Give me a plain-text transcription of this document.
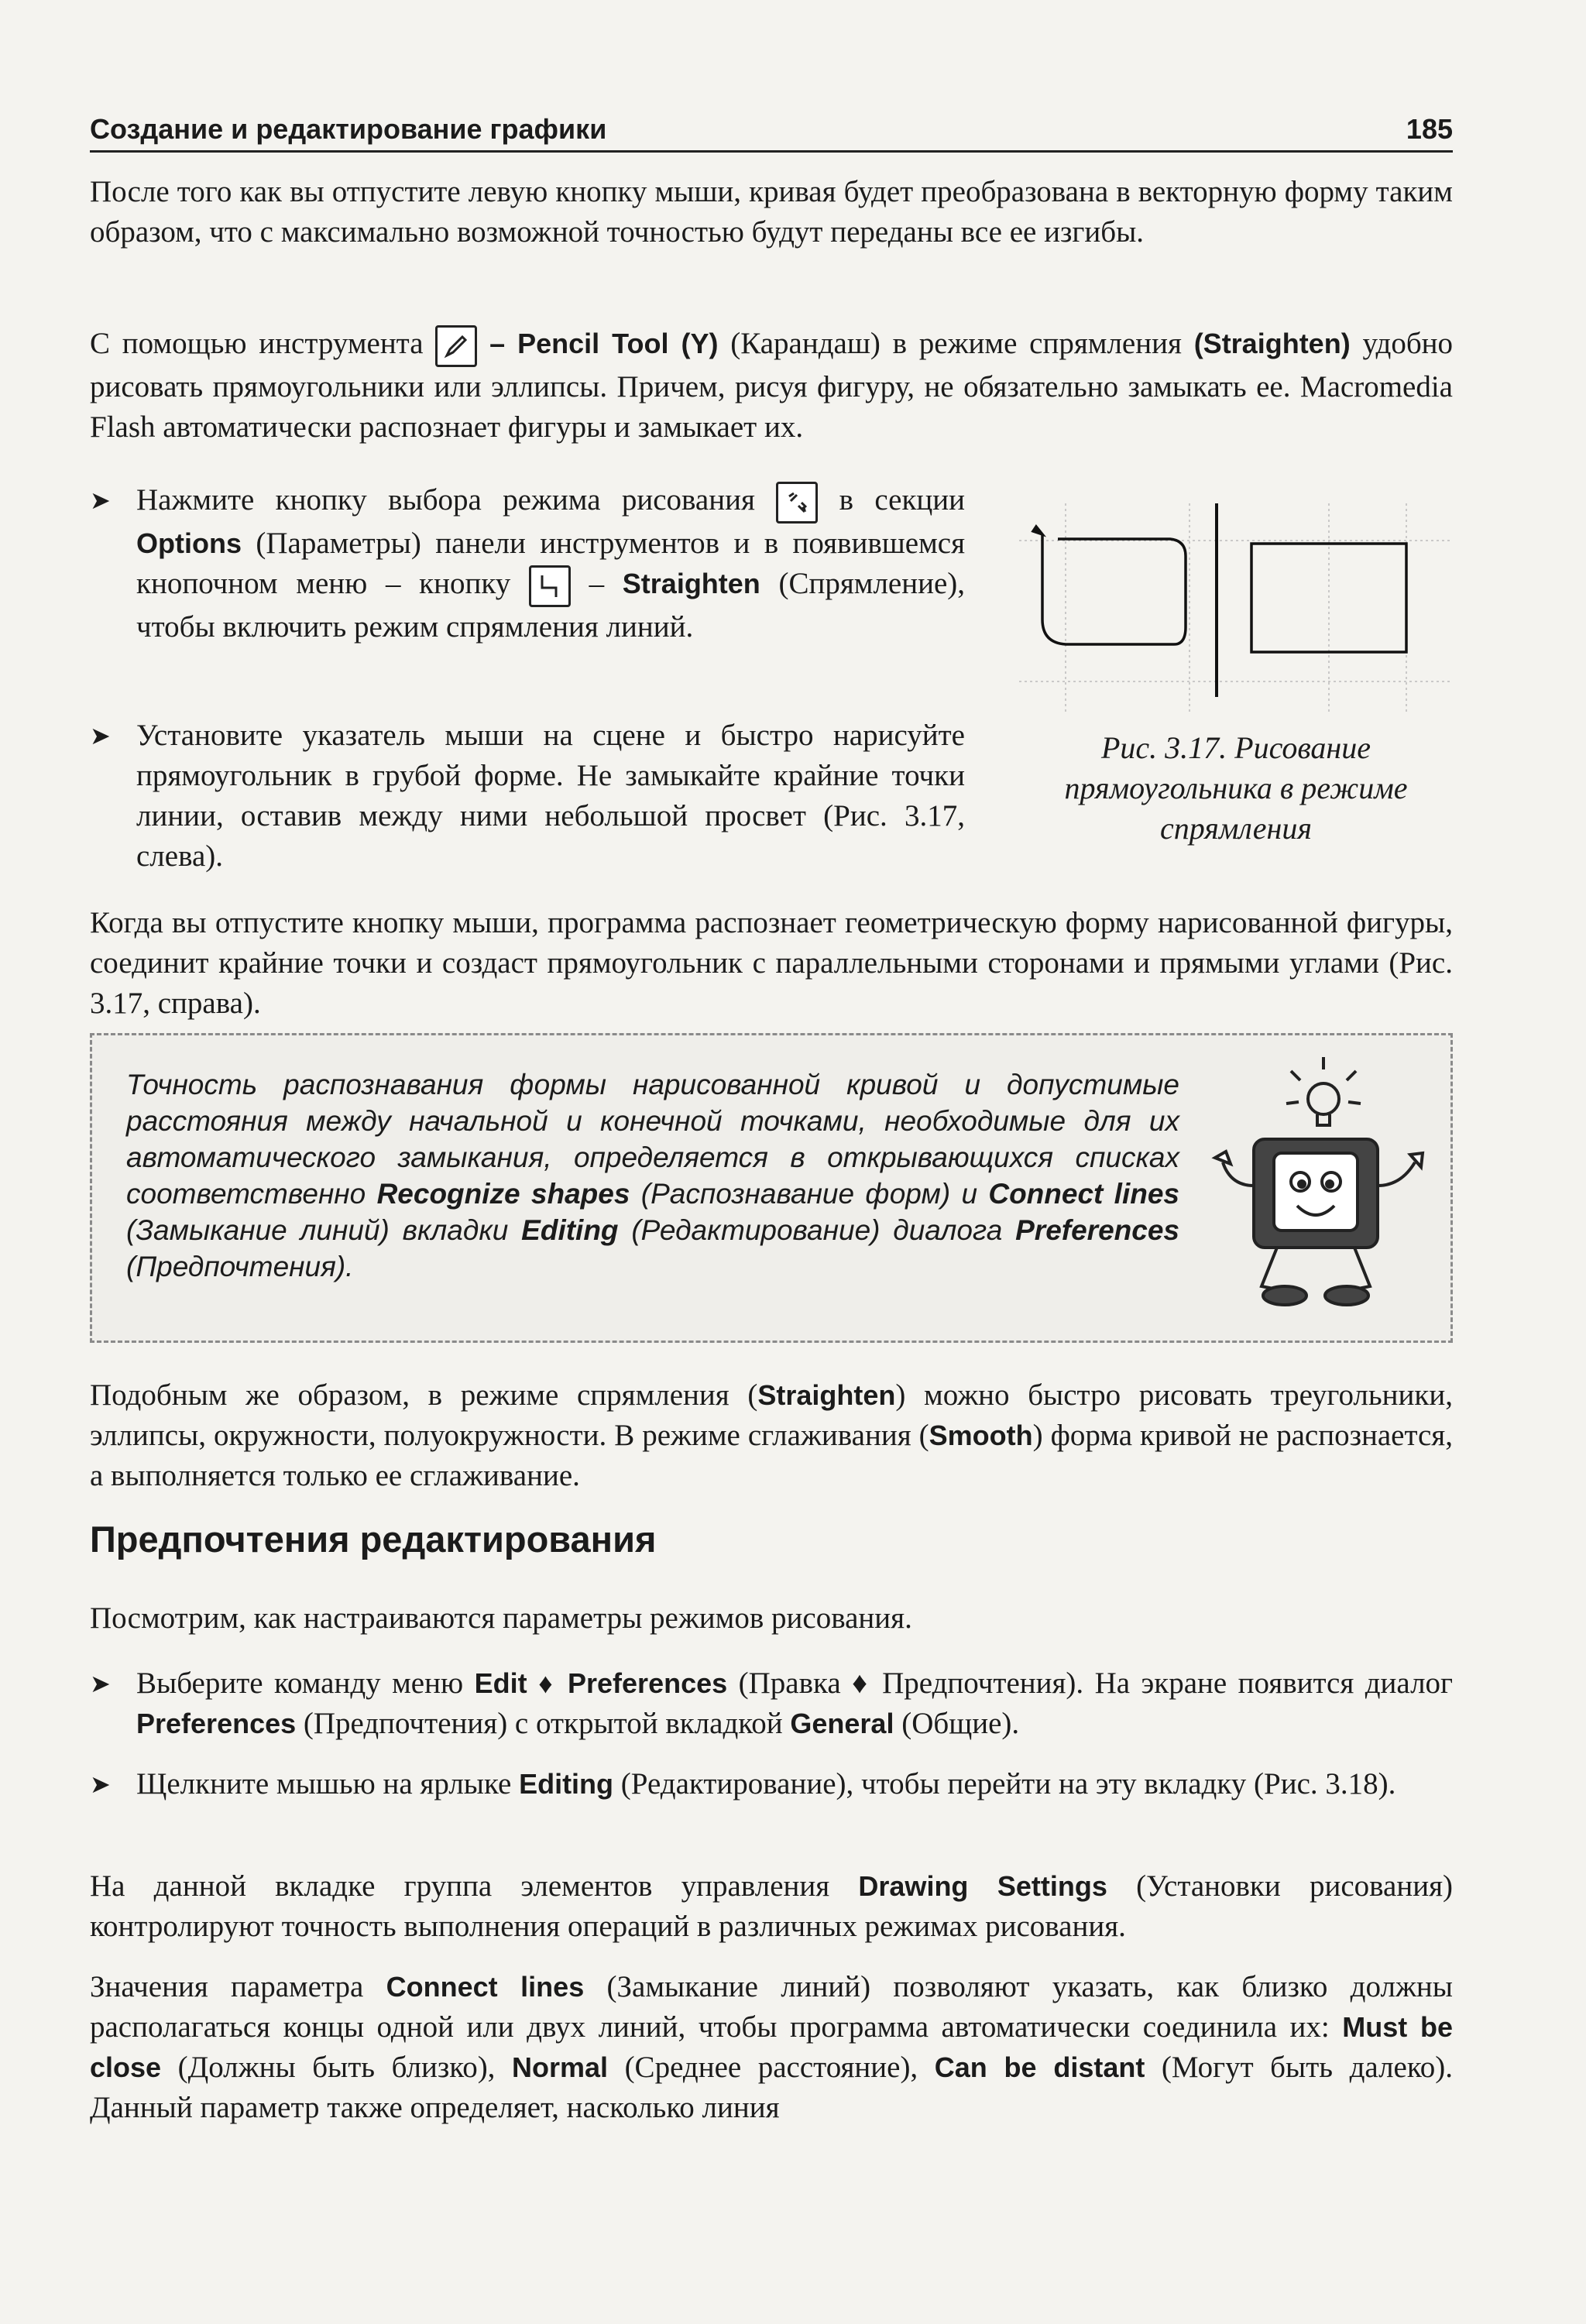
Создание и редактирование графики	185

После того как вы отпустите левую кнопку мыши, кривая будет преобразована в векторную форму таким образом, что с максимально возможной точностью будут переданы все ее изгибы.

С помощью инструмента – Pencil Tool (Y) (Карандаш) в режиме спрямления (Straighten) удобно рисовать прямоугольники или эллипсы. Причем, рисуя фигуру, не обязательно замыкать ее. Macromedia Flash автоматически распознает фигуры и замыкает их.

➤ Нажмите кнопку выбора режима рисования	в секции Options (Параметры) панели инструментов и в появившемся кнопочном меню – кнопку	– Straighten (Спрямление), чтобы включить режим спрямления линий.
➤ Установите указатель мыши на сцене и быстро нарисуйте прямоугольник в грубой форме. Не замыкайте крайние точки линии, оставив между ними небольшой просвет (Рис. 3.17, слева).
Рис. 3.17. Рисование прямоугольника в режиме спрямления

Когда вы отпустите кнопку мыши, программа распознает геометрическую форму нарисованной фигуры, соединит крайние точки и создаст прямоугольник с параллельными сторонами и прямыми углами (Рис. 3.17, справа).

Точность распознавания формы нарисованной кривой и допустимые расстояния между начальной и конечной точками, необходимые для их автоматического замыкания, определяется в открывающихся списках соответственно Recognize shapes (Распознавание форм) и Connect lines (Замыкание линий) вкладки Editing (Редактирование) диалога Preferences (Предпочтения).

Подобным же образом, в режиме спрямления (Straighten) можно быстро рисовать треугольники, эллипсы, окружности, полуокружности. В режиме сглаживания (Smooth) форма кривой не распознается, а выполняется только ее сглаживание.

Предпочтения редактирования

Посмотрим, как настраиваются параметры режимов рисования.

➤ Выберите команду меню Edit ♦ Preferences (Правка ♦ Предпочтения). На экране появится диалог Preferences (Предпочтения) с открытой вкладкой General (Общие).
➤ Щелкните мышью на ярлыке Editing (Редактирование), чтобы перейти на эту вкладку (Рис. 3.18).

На данной вкладке группа элементов управления Drawing Settings (Установки рисования) контролируют точность выполнения операций в различных режимах рисования.

Значения параметра Connect lines (Замыкание линий) позволяют указать, как близко должны располагаться концы одной или двух линий, чтобы программа автоматически соединила их: Must be close (Должны быть близко), Normal (Среднее расстояние), Can be distant (Могут быть далеко). Данный параметр также определяет, насколько линия
